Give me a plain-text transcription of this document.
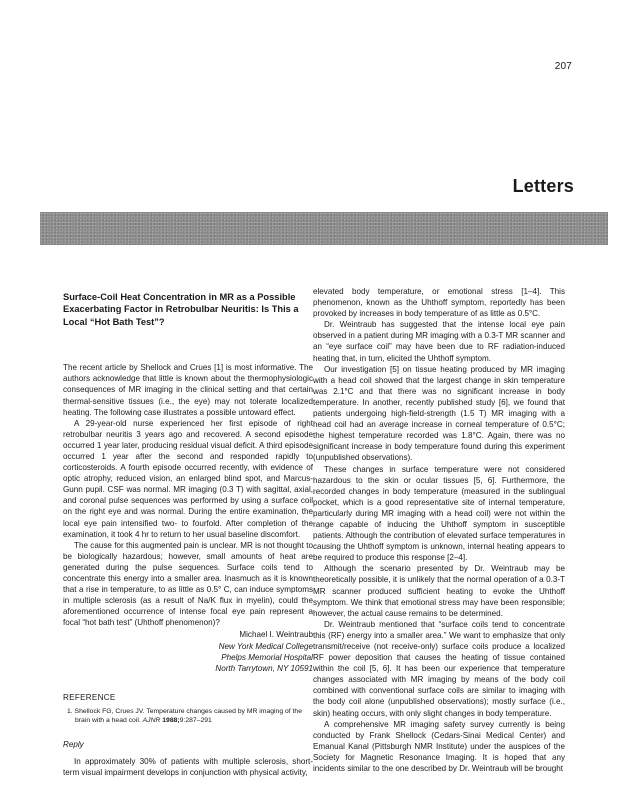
207
Letters
Surface-Coil Heat Concentration in MR as a Possible Exacerbating Factor in Retrobulbar Neuritis: Is This a Local “Hot Bath Test”?

The recent article by Shellock and Crues [1] is most informative. The authors acknowledge that little is known about the thermophysiologic consequences of MR imaging in the clinical setting and that certain thermal-sensitive tissues (i.e., the eye) may not tolerate localized heating. The following case illustrates a possible untoward effect.

A 29-year-old nurse experienced her first episode of right retrobulbar neuritis 3 years ago and recovered. A second episode occurred 1 year later, producing residual visual deficit. A third episode occurred 1 year after the second and responded rapidly to corticosteroids. A fourth episode occurred recently, with evidence of optic atrophy, reduced vision, an enlarged blind spot, and Marcus-Gunn pupil. CSF was normal. MR imaging (0.3 T) with sagittal, axial, and coronal pulse sequences was performed by using a surface coil on the right eye and was normal. During the entire examination, the local eye pain intensified two- to fourfold. After completion of the examination, it took 4 hr to return to her usual baseline discomfort.

The cause for this augmented pain is unclear. MR is not thought to be biologically hazardous; however, small amounts of heat are generated during the pulse sequences. Surface coils tend to concentrate this energy into a smaller area. Inasmuch as it is known that a rise in temperature, to as little as 0.5° C, can induce symptoms in multiple sclerosis (as a result of Na/K flux in myelin), could the aforementioned occurrence of intense focal eye pain represent a focal “hot bath test” (Uhthoff phenomenon)?

Michael I. Weintraub
New York Medical College
Phelps Memorial Hospital
North Tarrytown, NY 10591
REFERENCE
1. Shellock FG, Crues JV. Temperature changes caused by MR imaging of the brain with a head coil. AJNR 1988;9:287–291
Reply

In approximately 30% of patients with multiple sclerosis, short-term visual impairment develops in conjunction with physical activity,

elevated body temperature, or emotional stress [1–4]. This phenomenon, known as the Uhthoff symptom, reportedly has been provoked by increases in body temperature of as little as 0.5°C.

Dr. Weintraub has suggested that the intense local eye pain observed in a patient during MR imaging with a 0.3-T MR scanner and an “eye surface coil” may have been due to RF radiation-induced heating that, in turn, elicited the Uhthoff symptom.

Our investigation [5] on tissue heating produced by MR imaging with a head coil showed that the largest change in skin temperature was 2.1°C and that there was no significant increase in body temperature. In another, recently published study [6], we found that patients undergoing high-field-strength (1.5 T) MR imaging with a head coil had an average increase in corneal temperature of 0.5°C; the highest temperature recorded was 1.8°C. Again, there was no significant increase in body temperature found during this experiment (unpublished observations).

These changes in surface temperature were not considered hazardous to the skin or ocular tissues [5, 6]. Furthermore, the recorded changes in body temperature (measured in the sublingual pocket, which is a good representative site of internal temperature, particularly during MR imaging with a head coil) were not within the range capable of inducing the Uhthoff symptom in susceptible patients. Although the contribution of elevated surface temperatures in causing the Uhthoff symptom is unknown, internal heating appears to be required to produce this response [2–4].

Although the scenario presented by Dr. Weintraub may be theoretically possible, it is unlikely that the normal operation of a 0.3-T MR scanner produced sufficient heating to evoke the Uhthoff symptom. We think that emotional stress may have been responsible; however, the actual cause remains to be determined.

Dr. Weintraub mentioned that “surface coils tend to concentrate this (RF) energy into a smaller area.” We want to emphasize that only transmit/receive (not receive-only) surface coils produce a localized RF power deposition that causes the heating of tissue contained within the coil [5, 6]. It has been our experience that temperature changes associated with MR imaging by means of the body coil combined with conventional surface coils are similar to imaging with the body coil alone (unpublished observations); mostly surface (i.e., skin) heating occurs, with only slight changes in body temperature.

A comprehensive MR imaging safety survey currently is being conducted by Frank Shellock (Cedars-Sinai Medical Center) and Emanual Kanal (Pittsburgh NMR Institute) under the auspices of the Society for Magnetic Resonance Imaging. It is hoped that any incidents similar to the one described by Dr. Weintraub will be brought
